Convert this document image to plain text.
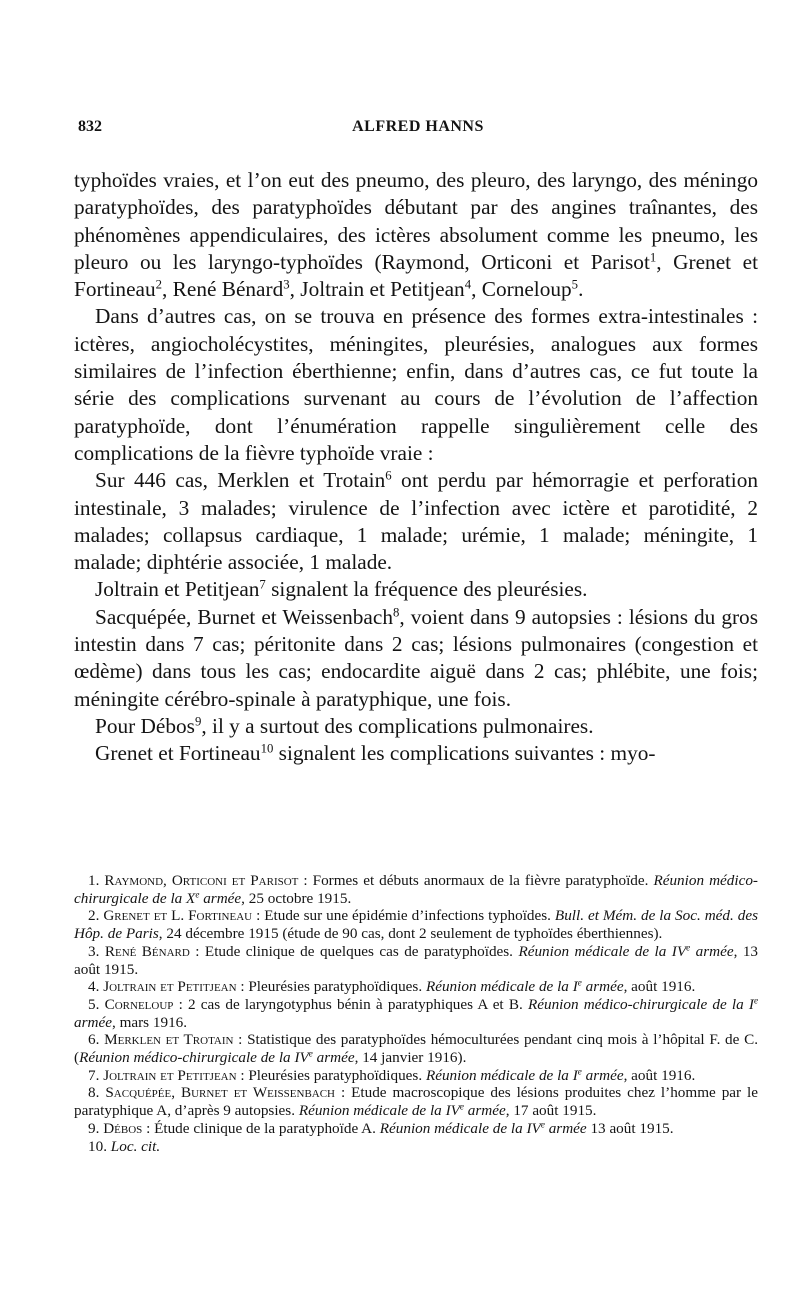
832	ALFRED HANNS

typhoïdes vraies, et l’on eut des pneumo, des pleuro, des laryngo, des méningo paratyphoïdes, des paratyphoïdes débutant par des angines traînantes, des phénomènes appendiculaires, des ictères absolument comme les pneumo, les pleuro ou les laryngo-typhoïdes (Raymond, Orticoni et Parisot$^1$, Grenet et Fortineau$^2$, René Bénard$^3$, Joltrain et Petitjean$^4$, Corneloup$^5$.

Dans d’autres cas, on se trouva en présence des formes extra-intestinales : ictères, angiocholécystites, méningites, pleurésies, analogues aux formes similaires de l’infection éberthienne; enfin, dans d’autres cas, ce fut toute la série des complications survenant au cours de l’évolution de l’affection paratyphoïde, dont l’énumération rappelle singulièrement celle des complications de la fièvre typhoïde vraie :

Sur 446 cas, Merklen et Trotain$^6$ ont perdu par hémorragie et perforation intestinale, 3 malades; virulence de l’infection avec ictère et parotidité, 2 malades; collapsus cardiaque, 1 malade; urémie, 1 malade; méningite, 1 malade; diphtérie associée, 1 malade.

Joltrain et Petitjean$^7$ signalent la fréquence des pleurésies.

Sacquépée, Burnet et Weissenbach$^8$, voient dans 9 autopsies : lésions du gros intestin dans 7 cas; péritonite dans 2 cas; lésions pulmonaires (congestion et œdème) dans tous les cas; endocardite aiguë dans 2 cas; phlébite, une fois; méningite cérébro-spinale à paratyphique, une fois.

Pour Débos$^9$, il y a surtout des complications pulmonaires.

Grenet et Fortineau$^{10}$ signalent les complications suivantes : myo-

1. Raymond, Orticoni et Parisot : Formes et débuts anormaux de la fièvre paratyphoïde. Réunion médico-chirurgicale de la Xe armée, 25 octobre 1915.

2. Grenet et L. Fortineau : Etude sur une épidémie d’infections typhoïdes. Bull. et Mém. de la Soc. méd. des Hôp. de Paris, 24 décembre 1915 (étude de 90 cas, dont 2 seulement de typhoïdes éberthiennes).

3. René Bénard : Etude clinique de quelques cas de paratyphoïdes. Réunion médicale de la IVe armée, 13 août 1915.

4. Joltrain et Petitjean : Pleurésies paratyphoïdiques. Réunion médicale de la Ie armée, août 1916.

5. Corneloup : 2 cas de laryngotyphus bénin à paratyphiques A et B. Réunion médico-chirurgicale de la Ie armée, mars 1916.

6. Merklen et Trotain : Statistique des paratyphoïdes hémoculturées pendant cinq mois à l’hôpital F. de C. (Réunion médico-chirurgicale de la IVe armée, 14 janvier 1916).

7. Joltrain et Petitjean : Pleurésies paratyphoïdiques. Réunion médicale de la Ie armée, août 1916.

8. Sacquépée, Burnet et Weissenbach : Etude macroscopique des lésions produites chez l’homme par le paratyphique A, d’après 9 autopsies. Réunion médicale de la IVe armée, 17 août 1915.

9. Débos : Étude clinique de la paratyphoïde A. Réunion médicale de la IVe armée 13 août 1915.

10. Loc. cit.
